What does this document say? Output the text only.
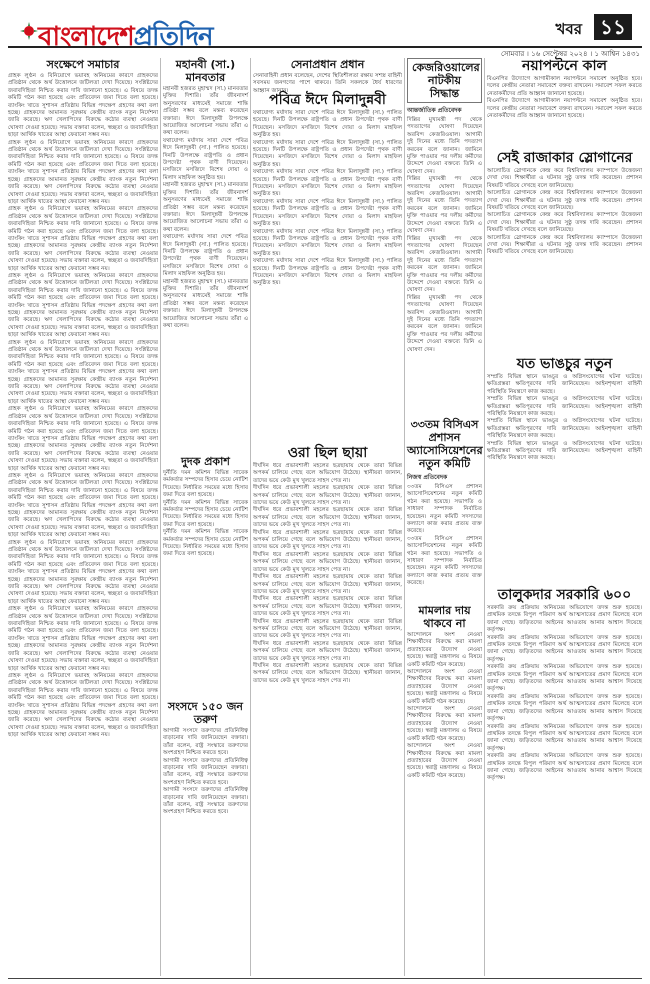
বাংলাদেশপ্রতিদিন	খবর ১১
সোমবার । ১৬ সেপ্টেম্বর ২০২৪ । ১ আশ্বিন ১৪৩১
সংক্ষেপে সমাচার

গ্রাহক লুণ্ঠন ও বিনিয়োগে ভয়াবহ অনিয়মের কারণে গ্রাহকদের প্রতিষ্ঠান থেকে অর্থ উত্তোলনে জটিলতা দেখা দিয়েছে। সংশ্লিষ্টদের জবাবদিহিতা নিশ্চিত করার দাবি জানানো হয়েছে। এ বিষয়ে তদন্ত কমিটি গঠন করা হয়েছে এবং প্রতিবেদন জমা দিতে বলা হয়েছে। ব্যাংকিং খাতে সুশাসন প্রতিষ্ঠায় বিভিন্ন পদক্ষেপ গ্রহণের কথা বলা হচ্ছে। গ্রাহকদের আমানত সুরক্ষায় কেন্দ্রীয় ব্যাংক নতুন নির্দেশনা জারি করেছে। ঋণ খেলাপিদের বিরুদ্ধে কঠোর ব্যবস্থা নেওয়ার ঘোষণা দেওয়া হয়েছে। সভায় বক্তারা বলেন, স্বচ্ছতা ও জবাবদিহিতা ছাড়া আর্থিক খাতের আস্থা ফেরানো সম্ভব নয়।

গ্রাহক লুণ্ঠন ও বিনিয়োগে ভয়াবহ অনিয়মের কারণে গ্রাহকদের প্রতিষ্ঠান থেকে অর্থ উত্তোলনে জটিলতা দেখা দিয়েছে। সংশ্লিষ্টদের জবাবদিহিতা নিশ্চিত করার দাবি জানানো হয়েছে। এ বিষয়ে তদন্ত কমিটি গঠন করা হয়েছে এবং প্রতিবেদন জমা দিতে বলা হয়েছে। ব্যাংকিং খাতে সুশাসন প্রতিষ্ঠায় বিভিন্ন পদক্ষেপ গ্রহণের কথা বলা হচ্ছে। গ্রাহকদের আমানত সুরক্ষায় কেন্দ্রীয় ব্যাংক নতুন নির্দেশনা জারি করেছে। ঋণ খেলাপিদের বিরুদ্ধে কঠোর ব্যবস্থা নেওয়ার ঘোষণা দেওয়া হয়েছে। সভায় বক্তারা বলেন, স্বচ্ছতা ও জবাবদিহিতা ছাড়া আর্থিক খাতের আস্থা ফেরানো সম্ভব নয়।

গ্রাহক লুণ্ঠন ও বিনিয়োগে ভয়াবহ অনিয়মের কারণে গ্রাহকদের প্রতিষ্ঠান থেকে অর্থ উত্তোলনে জটিলতা দেখা দিয়েছে। সংশ্লিষ্টদের জবাবদিহিতা নিশ্চিত করার দাবি জানানো হয়েছে। এ বিষয়ে তদন্ত কমিটি গঠন করা হয়েছে এবং প্রতিবেদন জমা দিতে বলা হয়েছে। ব্যাংকিং খাতে সুশাসন প্রতিষ্ঠায় বিভিন্ন পদক্ষেপ গ্রহণের কথা বলা হচ্ছে। গ্রাহকদের আমানত সুরক্ষায় কেন্দ্রীয় ব্যাংক নতুন নির্দেশনা জারি করেছে। ঋণ খেলাপিদের বিরুদ্ধে কঠোর ব্যবস্থা নেওয়ার ঘোষণা দেওয়া হয়েছে। সভায় বক্তারা বলেন, স্বচ্ছতা ও জবাবদিহিতা ছাড়া আর্থিক খাতের আস্থা ফেরানো সম্ভব নয়।

গ্রাহক লুণ্ঠন ও বিনিয়োগে ভয়াবহ অনিয়মের কারণে গ্রাহকদের প্রতিষ্ঠান থেকে অর্থ উত্তোলনে জটিলতা দেখা দিয়েছে। সংশ্লিষ্টদের জবাবদিহিতা নিশ্চিত করার দাবি জানানো হয়েছে। এ বিষয়ে তদন্ত কমিটি গঠন করা হয়েছে এবং প্রতিবেদন জমা দিতে বলা হয়েছে। ব্যাংকিং খাতে সুশাসন প্রতিষ্ঠায় বিভিন্ন পদক্ষেপ গ্রহণের কথা বলা হচ্ছে। গ্রাহকদের আমানত সুরক্ষায় কেন্দ্রীয় ব্যাংক নতুন নির্দেশনা জারি করেছে। ঋণ খেলাপিদের বিরুদ্ধে কঠোর ব্যবস্থা নেওয়ার ঘোষণা দেওয়া হয়েছে। সভায় বক্তারা বলেন, স্বচ্ছতা ও জবাবদিহিতা ছাড়া আর্থিক খাতের আস্থা ফেরানো সম্ভব নয়।

গ্রাহক লুণ্ঠন ও বিনিয়োগে ভয়াবহ অনিয়মের কারণে গ্রাহকদের প্রতিষ্ঠান থেকে অর্থ উত্তোলনে জটিলতা দেখা দিয়েছে। সংশ্লিষ্টদের জবাবদিহিতা নিশ্চিত করার দাবি জানানো হয়েছে। এ বিষয়ে তদন্ত কমিটি গঠন করা হয়েছে এবং প্রতিবেদন জমা দিতে বলা হয়েছে। ব্যাংকিং খাতে সুশাসন প্রতিষ্ঠায় বিভিন্ন পদক্ষেপ গ্রহণের কথা বলা হচ্ছে। গ্রাহকদের আমানত সুরক্ষায় কেন্দ্রীয় ব্যাংক নতুন নির্দেশনা জারি করেছে। ঋণ খেলাপিদের বিরুদ্ধে কঠোর ব্যবস্থা নেওয়ার ঘোষণা দেওয়া হয়েছে। সভায় বক্তারা বলেন, স্বচ্ছতা ও জবাবদিহিতা ছাড়া আর্থিক খাতের আস্থা ফেরানো সম্ভব নয়।

গ্রাহক লুণ্ঠন ও বিনিয়োগে ভয়াবহ অনিয়মের কারণে গ্রাহকদের প্রতিষ্ঠান থেকে অর্থ উত্তোলনে জটিলতা দেখা দিয়েছে। সংশ্লিষ্টদের জবাবদিহিতা নিশ্চিত করার দাবি জানানো হয়েছে। এ বিষয়ে তদন্ত কমিটি গঠন করা হয়েছে এবং প্রতিবেদন জমা দিতে বলা হয়েছে। ব্যাংকিং খাতে সুশাসন প্রতিষ্ঠায় বিভিন্ন পদক্ষেপ গ্রহণের কথা বলা হচ্ছে। গ্রাহকদের আমানত সুরক্ষায় কেন্দ্রীয় ব্যাংক নতুন নির্দেশনা জারি করেছে। ঋণ খেলাপিদের বিরুদ্ধে কঠোর ব্যবস্থা নেওয়ার ঘোষণা দেওয়া হয়েছে। সভায় বক্তারা বলেন, স্বচ্ছতা ও জবাবদিহিতা ছাড়া আর্থিক খাতের আস্থা ফেরানো সম্ভব নয়।

গ্রাহক লুণ্ঠন ও বিনিয়োগে ভয়াবহ অনিয়মের কারণে গ্রাহকদের প্রতিষ্ঠান থেকে অর্থ উত্তোলনে জটিলতা দেখা দিয়েছে। সংশ্লিষ্টদের জবাবদিহিতা নিশ্চিত করার দাবি জানানো হয়েছে। এ বিষয়ে তদন্ত কমিটি গঠন করা হয়েছে এবং প্রতিবেদন জমা দিতে বলা হয়েছে। ব্যাংকিং খাতে সুশাসন প্রতিষ্ঠায় বিভিন্ন পদক্ষেপ গ্রহণের কথা বলা হচ্ছে। গ্রাহকদের আমানত সুরক্ষায় কেন্দ্রীয় ব্যাংক নতুন নির্দেশনা জারি করেছে। ঋণ খেলাপিদের বিরুদ্ধে কঠোর ব্যবস্থা নেওয়ার ঘোষণা দেওয়া হয়েছে। সভায় বক্তারা বলেন, স্বচ্ছতা ও জবাবদিহিতা ছাড়া আর্থিক খাতের আস্থা ফেরানো সম্ভব নয়।

গ্রাহক লুণ্ঠন ও বিনিয়োগে ভয়াবহ অনিয়মের কারণে গ্রাহকদের প্রতিষ্ঠান থেকে অর্থ উত্তোলনে জটিলতা দেখা দিয়েছে। সংশ্লিষ্টদের জবাবদিহিতা নিশ্চিত করার দাবি জানানো হয়েছে। এ বিষয়ে তদন্ত কমিটি গঠন করা হয়েছে এবং প্রতিবেদন জমা দিতে বলা হয়েছে। ব্যাংকিং খাতে সুশাসন প্রতিষ্ঠায় বিভিন্ন পদক্ষেপ গ্রহণের কথা বলা হচ্ছে। গ্রাহকদের আমানত সুরক্ষায় কেন্দ্রীয় ব্যাংক নতুন নির্দেশনা জারি করেছে। ঋণ খেলাপিদের বিরুদ্ধে কঠোর ব্যবস্থা নেওয়ার ঘোষণা দেওয়া হয়েছে। সভায় বক্তারা বলেন, স্বচ্ছতা ও জবাবদিহিতা ছাড়া আর্থিক খাতের আস্থা ফেরানো সম্ভব নয়।

গ্রাহক লুণ্ঠন ও বিনিয়োগে ভয়াবহ অনিয়মের কারণে গ্রাহকদের প্রতিষ্ঠান থেকে অর্থ উত্তোলনে জটিলতা দেখা দিয়েছে। সংশ্লিষ্টদের জবাবদিহিতা নিশ্চিত করার দাবি জানানো হয়েছে। এ বিষয়ে তদন্ত কমিটি গঠন করা হয়েছে এবং প্রতিবেদন জমা দিতে বলা হয়েছে। ব্যাংকিং খাতে সুশাসন প্রতিষ্ঠায় বিভিন্ন পদক্ষেপ গ্রহণের কথা বলা হচ্ছে। গ্রাহকদের আমানত সুরক্ষায় কেন্দ্রীয় ব্যাংক নতুন নির্দেশনা জারি করেছে। ঋণ খেলাপিদের বিরুদ্ধে কঠোর ব্যবস্থা নেওয়ার ঘোষণা দেওয়া হয়েছে। সভায় বক্তারা বলেন, স্বচ্ছতা ও জবাবদিহিতা ছাড়া আর্থিক খাতের আস্থা ফেরানো সম্ভব নয়।

গ্রাহক লুণ্ঠন ও বিনিয়োগে ভয়াবহ অনিয়মের কারণে গ্রাহকদের প্রতিষ্ঠান থেকে অর্থ উত্তোলনে জটিলতা দেখা দিয়েছে। সংশ্লিষ্টদের জবাবদিহিতা নিশ্চিত করার দাবি জানানো হয়েছে। এ বিষয়ে তদন্ত কমিটি গঠন করা হয়েছে এবং প্রতিবেদন জমা দিতে বলা হয়েছে। ব্যাংকিং খাতে সুশাসন প্রতিষ্ঠায় বিভিন্ন পদক্ষেপ গ্রহণের কথা বলা হচ্ছে। গ্রাহকদের আমানত সুরক্ষায় কেন্দ্রীয় ব্যাংক নতুন নির্দেশনা জারি করেছে। ঋণ খেলাপিদের বিরুদ্ধে কঠোর ব্যবস্থা নেওয়ার ঘোষণা দেওয়া হয়েছে। সভায় বক্তারা বলেন, স্বচ্ছতা ও জবাবদিহিতা ছাড়া আর্থিক খাতের আস্থা ফেরানো সম্ভব নয়।

মহানবী (সা.) মানবতার

মহানবী হজরত মুহাম্মদ (সা.) মানবতার মুক্তির দিশারি। তাঁর জীবনাদর্শ অনুসরণের মাধ্যমেই সমাজে শান্তি প্রতিষ্ঠা সম্ভব বলে মন্তব্য করেছেন বক্তারা। ঈদে মিলাদুন্নবী উপলক্ষে আয়োজিত আলোচনা সভায় তাঁরা এ কথা বলেন।

যথাযোগ্য মর্যাদায় সারা দেশে পবিত্র ঈদে মিলাদুন্নবী (সা.) পালিত হয়েছে। দিনটি উপলক্ষে রাষ্ট্রপতি ও প্রধান উপদেষ্টা পৃথক বাণী দিয়েছেন। মসজিদে মসজিদে বিশেষ দোয়া ও মিলাদ মাহফিল অনুষ্ঠিত হয়।

মহানবী হজরত মুহাম্মদ (সা.) মানবতার মুক্তির দিশারি। তাঁর জীবনাদর্শ অনুসরণের মাধ্যমেই সমাজে শান্তি প্রতিষ্ঠা সম্ভব বলে মন্তব্য করেছেন বক্তারা। ঈদে মিলাদুন্নবী উপলক্ষে আয়োজিত আলোচনা সভায় তাঁরা এ কথা বলেন।

যথাযোগ্য মর্যাদায় সারা দেশে পবিত্র ঈদে মিলাদুন্নবী (সা.) পালিত হয়েছে। দিনটি উপলক্ষে রাষ্ট্রপতি ও প্রধান উপদেষ্টা পৃথক বাণী দিয়েছেন। মসজিদে মসজিদে বিশেষ দোয়া ও মিলাদ মাহফিল অনুষ্ঠিত হয়।

মহানবী হজরত মুহাম্মদ (সা.) মানবতার মুক্তির দিশারি। তাঁর জীবনাদর্শ অনুসরণের মাধ্যমেই সমাজে শান্তি প্রতিষ্ঠা সম্ভব বলে মন্তব্য করেছেন বক্তারা। ঈদে মিলাদুন্নবী উপলক্ষে আয়োজিত আলোচনা সভায় তাঁরা এ কথা বলেন।

দুদক প্রকাশ

দুর্নীতি দমন কমিশন বিভিন্ন সাবেক কর্মকর্তার সম্পদের হিসাব চেয়ে নোটিশ দিয়েছে। নির্ধারিত সময়ের মধ্যে হিসাব জমা দিতে বলা হয়েছে।

দুর্নীতি দমন কমিশন বিভিন্ন সাবেক কর্মকর্তার সম্পদের হিসাব চেয়ে নোটিশ দিয়েছে। নির্ধারিত সময়ের মধ্যে হিসাব জমা দিতে বলা হয়েছে।

দুর্নীতি দমন কমিশন বিভিন্ন সাবেক কর্মকর্তার সম্পদের হিসাব চেয়ে নোটিশ দিয়েছে। নির্ধারিত সময়ের মধ্যে হিসাব জমা দিতে বলা হয়েছে।

সংসদে ১৫০ জন তরুণ

আগামী সংসদে তরুণদের প্রতিনিধিত্ব বাড়ানোর দাবি জানিয়েছেন বক্তারা। তাঁরা বলেন, রাষ্ট্র সংস্কারে তরুণদের অংশগ্রহণ নিশ্চিত করতে হবে।

আগামী সংসদে তরুণদের প্রতিনিধিত্ব বাড়ানোর দাবি জানিয়েছেন বক্তারা। তাঁরা বলেন, রাষ্ট্র সংস্কারে তরুণদের অংশগ্রহণ নিশ্চিত করতে হবে।

আগামী সংসদে তরুণদের প্রতিনিধিত্ব বাড়ানোর দাবি জানিয়েছেন বক্তারা। তাঁরা বলেন, রাষ্ট্র সংস্কারে তরুণদের অংশগ্রহণ নিশ্চিত করতে হবে।

সেনাপ্রধান প্রধান

সেনাবাহিনী প্রধান বলেছেন, দেশের স্থিতিশীলতা রক্ষায় সশস্ত্র বাহিনী সবসময় জনগণের পাশে থাকবে। তিনি সকলকে ধৈর্য ধারণের আহ্বান জানান।

পবিত্র ঈদে মিলাদুন্নবী

যথাযোগ্য মর্যাদায় সারা দেশে পবিত্র ঈদে মিলাদুন্নবী (সা.) পালিত হয়েছে। দিনটি উপলক্ষে রাষ্ট্রপতি ও প্রধান উপদেষ্টা পৃথক বাণী দিয়েছেন। মসজিদে মসজিদে বিশেষ দোয়া ও মিলাদ মাহফিল অনুষ্ঠিত হয়।

যথাযোগ্য মর্যাদায় সারা দেশে পবিত্র ঈদে মিলাদুন্নবী (সা.) পালিত হয়েছে। দিনটি উপলক্ষে রাষ্ট্রপতি ও প্রধান উপদেষ্টা পৃথক বাণী দিয়েছেন। মসজিদে মসজিদে বিশেষ দোয়া ও মিলাদ মাহফিল অনুষ্ঠিত হয়।

যথাযোগ্য মর্যাদায় সারা দেশে পবিত্র ঈদে মিলাদুন্নবী (সা.) পালিত হয়েছে। দিনটি উপলক্ষে রাষ্ট্রপতি ও প্রধান উপদেষ্টা পৃথক বাণী দিয়েছেন। মসজিদে মসজিদে বিশেষ দোয়া ও মিলাদ মাহফিল অনুষ্ঠিত হয়।

যথাযোগ্য মর্যাদায় সারা দেশে পবিত্র ঈদে মিলাদুন্নবী (সা.) পালিত হয়েছে। দিনটি উপলক্ষে রাষ্ট্রপতি ও প্রধান উপদেষ্টা পৃথক বাণী দিয়েছেন। মসজিদে মসজিদে বিশেষ দোয়া ও মিলাদ মাহফিল অনুষ্ঠিত হয়।

যথাযোগ্য মর্যাদায় সারা দেশে পবিত্র ঈদে মিলাদুন্নবী (সা.) পালিত হয়েছে। দিনটি উপলক্ষে রাষ্ট্রপতি ও প্রধান উপদেষ্টা পৃথক বাণী দিয়েছেন। মসজিদে মসজিদে বিশেষ দোয়া ও মিলাদ মাহফিল অনুষ্ঠিত হয়।

যথাযোগ্য মর্যাদায় সারা দেশে পবিত্র ঈদে মিলাদুন্নবী (সা.) পালিত হয়েছে। দিনটি উপলক্ষে রাষ্ট্রপতি ও প্রধান উপদেষ্টা পৃথক বাণী দিয়েছেন। মসজিদে মসজিদে বিশেষ দোয়া ও মিলাদ মাহফিল অনুষ্ঠিত হয়।

ওরা ছিল ছায়া

দীর্ঘদিন ধরে প্রভাবশালী মহলের ছত্রছায়ায় থেকে তারা বিভিন্ন অপকর্ম চালিয়ে গেছে বলে অভিযোগ উঠেছে। স্থানীয়রা জানান, তাদের ভয়ে কেউ মুখ খুলতে সাহস পেত না।

দীর্ঘদিন ধরে প্রভাবশালী মহলের ছত্রছায়ায় থেকে তারা বিভিন্ন অপকর্ম চালিয়ে গেছে বলে অভিযোগ উঠেছে। স্থানীয়রা জানান, তাদের ভয়ে কেউ মুখ খুলতে সাহস পেত না।

দীর্ঘদিন ধরে প্রভাবশালী মহলের ছত্রছায়ায় থেকে তারা বিভিন্ন অপকর্ম চালিয়ে গেছে বলে অভিযোগ উঠেছে। স্থানীয়রা জানান, তাদের ভয়ে কেউ মুখ খুলতে সাহস পেত না।

দীর্ঘদিন ধরে প্রভাবশালী মহলের ছত্রছায়ায় থেকে তারা বিভিন্ন অপকর্ম চালিয়ে গেছে বলে অভিযোগ উঠেছে। স্থানীয়রা জানান, তাদের ভয়ে কেউ মুখ খুলতে সাহস পেত না।

দীর্ঘদিন ধরে প্রভাবশালী মহলের ছত্রছায়ায় থেকে তারা বিভিন্ন অপকর্ম চালিয়ে গেছে বলে অভিযোগ উঠেছে। স্থানীয়রা জানান, তাদের ভয়ে কেউ মুখ খুলতে সাহস পেত না।

দীর্ঘদিন ধরে প্রভাবশালী মহলের ছত্রছায়ায় থেকে তারা বিভিন্ন অপকর্ম চালিয়ে গেছে বলে অভিযোগ উঠেছে। স্থানীয়রা জানান, তাদের ভয়ে কেউ মুখ খুলতে সাহস পেত না।

দীর্ঘদিন ধরে প্রভাবশালী মহলের ছত্রছায়ায় থেকে তারা বিভিন্ন অপকর্ম চালিয়ে গেছে বলে অভিযোগ উঠেছে। স্থানীয়রা জানান, তাদের ভয়ে কেউ মুখ খুলতে সাহস পেত না।

দীর্ঘদিন ধরে প্রভাবশালী মহলের ছত্রছায়ায় থেকে তারা বিভিন্ন অপকর্ম চালিয়ে গেছে বলে অভিযোগ উঠেছে। স্থানীয়রা জানান, তাদের ভয়ে কেউ মুখ খুলতে সাহস পেত না।

দীর্ঘদিন ধরে প্রভাবশালী মহলের ছত্রছায়ায় থেকে তারা বিভিন্ন অপকর্ম চালিয়ে গেছে বলে অভিযোগ উঠেছে। স্থানীয়রা জানান, তাদের ভয়ে কেউ মুখ খুলতে সাহস পেত না।

দীর্ঘদিন ধরে প্রভাবশালী মহলের ছত্রছায়ায় থেকে তারা বিভিন্ন অপকর্ম চালিয়ে গেছে বলে অভিযোগ উঠেছে। স্থানীয়রা জানান, তাদের ভয়ে কেউ মুখ খুলতে সাহস পেত না।

কেজরিওয়ালের নাটকীয় সিদ্ধান্ত

আন্তর্জাতিক প্রতিবেদক

দিল্লির মুখ্যমন্ত্রী পদ থেকে পদত্যাগের ঘোষণা দিয়েছেন অরবিন্দ কেজরিওয়াল। আগামী দুই দিনের মধ্যে তিনি পদত্যাগ করবেন বলে জানান। জামিনে মুক্তি পাওয়ার পর দলীয় কর্মীদের উদ্দেশে দেওয়া বক্তব্যে তিনি এ ঘোষণা দেন।

দিল্লির মুখ্যমন্ত্রী পদ থেকে পদত্যাগের ঘোষণা দিয়েছেন অরবিন্দ কেজরিওয়াল। আগামী দুই দিনের মধ্যে তিনি পদত্যাগ করবেন বলে জানান। জামিনে মুক্তি পাওয়ার পর দলীয় কর্মীদের উদ্দেশে দেওয়া বক্তব্যে তিনি এ ঘোষণা দেন।

দিল্লির মুখ্যমন্ত্রী পদ থেকে পদত্যাগের ঘোষণা দিয়েছেন অরবিন্দ কেজরিওয়াল। আগামী দুই দিনের মধ্যে তিনি পদত্যাগ করবেন বলে জানান। জামিনে মুক্তি পাওয়ার পর দলীয় কর্মীদের উদ্দেশে দেওয়া বক্তব্যে তিনি এ ঘোষণা দেন।

দিল্লির মুখ্যমন্ত্রী পদ থেকে পদত্যাগের ঘোষণা দিয়েছেন অরবিন্দ কেজরিওয়াল। আগামী দুই দিনের মধ্যে তিনি পদত্যাগ করবেন বলে জানান। জামিনে মুক্তি পাওয়ার পর দলীয় কর্মীদের উদ্দেশে দেওয়া বক্তব্যে তিনি এ ঘোষণা দেন।

৩৩তম বিসিএস প্রশাসন অ্যাসোসিয়েশনের নতুন কমিটি

নিজস্ব প্রতিবেদক

৩৩তম বিসিএস প্রশাসন অ্যাসোসিয়েশনের নতুন কমিটি গঠন করা হয়েছে। সভাপতি ও সাধারণ সম্পাদক নির্বাচিত হয়েছেন। নতুন কমিটি সদস্যদের কল্যাণে কাজ করার প্রত্যয় ব্যক্ত করেছে।

৩৩তম বিসিএস প্রশাসন অ্যাসোসিয়েশনের নতুন কমিটি গঠন করা হয়েছে। সভাপতি ও সাধারণ সম্পাদক নির্বাচিত হয়েছেন। নতুন কমিটি সদস্যদের কল্যাণে কাজ করার প্রত্যয় ব্যক্ত করেছে।

মামলার দায় থাকবে না

আন্দোলনে অংশ নেওয়া শিক্ষার্থীদের বিরুদ্ধে করা মামলা প্রত্যাহারের উদ্যোগ নেওয়া হয়েছে। স্বরাষ্ট্র মন্ত্রণালয় এ বিষয়ে একটি কমিটি গঠন করেছে।

আন্দোলনে অংশ নেওয়া শিক্ষার্থীদের বিরুদ্ধে করা মামলা প্রত্যাহারের উদ্যোগ নেওয়া হয়েছে। স্বরাষ্ট্র মন্ত্রণালয় এ বিষয়ে একটি কমিটি গঠন করেছে।

আন্দোলনে অংশ নেওয়া শিক্ষার্থীদের বিরুদ্ধে করা মামলা প্রত্যাহারের উদ্যোগ নেওয়া হয়েছে। স্বরাষ্ট্র মন্ত্রণালয় এ বিষয়ে একটি কমিটি গঠন করেছে।

আন্দোলনে অংশ নেওয়া শিক্ষার্থীদের বিরুদ্ধে করা মামলা প্রত্যাহারের উদ্যোগ নেওয়া হয়েছে। স্বরাষ্ট্র মন্ত্রণালয় এ বিষয়ে একটি কমিটি গঠন করেছে।

নয়াপল্টনে কাল

বিএনপির উদ্যোগে আগামীকাল নয়াপল্টনে সমাবেশ অনুষ্ঠিত হবে। দলের কেন্দ্রীয় নেতারা সমাবেশে বক্তব্য রাখবেন। সমাবেশ সফল করতে নেতাকর্মীদের প্রতি আহ্বান জানানো হয়েছে।

বিএনপির উদ্যোগে আগামীকাল নয়াপল্টনে সমাবেশ অনুষ্ঠিত হবে। দলের কেন্দ্রীয় নেতারা সমাবেশে বক্তব্য রাখবেন। সমাবেশ সফল করতে নেতাকর্মীদের প্রতি আহ্বান জানানো হয়েছে।

সেই রাজাকার স্লোগানের

আলোচিত স্লোগানকে কেন্দ্র করে বিশ্ববিদ্যালয় ক্যাম্পাসে উত্তেজনা দেখা দেয়। শিক্ষার্থীরা এ ঘটনার সুষ্ঠু তদন্ত দাবি করেছেন। প্রশাসন বিষয়টি খতিয়ে দেখছে বলে জানিয়েছে।

আলোচিত স্লোগানকে কেন্দ্র করে বিশ্ববিদ্যালয় ক্যাম্পাসে উত্তেজনা দেখা দেয়। শিক্ষার্থীরা এ ঘটনার সুষ্ঠু তদন্ত দাবি করেছেন। প্রশাসন বিষয়টি খতিয়ে দেখছে বলে জানিয়েছে।

আলোচিত স্লোগানকে কেন্দ্র করে বিশ্ববিদ্যালয় ক্যাম্পাসে উত্তেজনা দেখা দেয়। শিক্ষার্থীরা এ ঘটনার সুষ্ঠু তদন্ত দাবি করেছেন। প্রশাসন বিষয়টি খতিয়ে দেখছে বলে জানিয়েছে।

আলোচিত স্লোগানকে কেন্দ্র করে বিশ্ববিদ্যালয় ক্যাম্পাসে উত্তেজনা দেখা দেয়। শিক্ষার্থীরা এ ঘটনার সুষ্ঠু তদন্ত দাবি করেছেন। প্রশাসন বিষয়টি খতিয়ে দেখছে বলে জানিয়েছে।

যত ভাঙচুর নতুন

সম্প্রতি বিভিন্ন স্থানে ভাঙচুর ও অগ্নিসংযোগের ঘটনা ঘটেছে। ক্ষতিগ্রস্তরা ক্ষতিপূরণের দাবি জানিয়েছেন। আইনশৃঙ্খলা বাহিনী পরিস্থিতি নিয়ন্ত্রণে কাজ করছে।

সম্প্রতি বিভিন্ন স্থানে ভাঙচুর ও অগ্নিসংযোগের ঘটনা ঘটেছে। ক্ষতিগ্রস্তরা ক্ষতিপূরণের দাবি জানিয়েছেন। আইনশৃঙ্খলা বাহিনী পরিস্থিতি নিয়ন্ত্রণে কাজ করছে।

সম্প্রতি বিভিন্ন স্থানে ভাঙচুর ও অগ্নিসংযোগের ঘটনা ঘটেছে। ক্ষতিগ্রস্তরা ক্ষতিপূরণের দাবি জানিয়েছেন। আইনশৃঙ্খলা বাহিনী পরিস্থিতি নিয়ন্ত্রণে কাজ করছে।

সম্প্রতি বিভিন্ন স্থানে ভাঙচুর ও অগ্নিসংযোগের ঘটনা ঘটেছে। ক্ষতিগ্রস্তরা ক্ষতিপূরণের দাবি জানিয়েছেন। আইনশৃঙ্খলা বাহিনী পরিস্থিতি নিয়ন্ত্রণে কাজ করছে।

তালুকদার সরকারি ৬০০

সরকারি ক্রয় প্রক্রিয়ায় অনিয়মের অভিযোগে তদন্ত শুরু হয়েছে। প্রাথমিক তদন্তে বিপুল পরিমাণ অর্থ আত্মসাতের প্রমাণ মিলেছে বলে জানা গেছে। জড়িতদের আইনের আওতায় আনার আশ্বাস দিয়েছে কর্তৃপক্ষ।

সরকারি ক্রয় প্রক্রিয়ায় অনিয়মের অভিযোগে তদন্ত শুরু হয়েছে। প্রাথমিক তদন্তে বিপুল পরিমাণ অর্থ আত্মসাতের প্রমাণ মিলেছে বলে জানা গেছে। জড়িতদের আইনের আওতায় আনার আশ্বাস দিয়েছে কর্তৃপক্ষ।

সরকারি ক্রয় প্রক্রিয়ায় অনিয়মের অভিযোগে তদন্ত শুরু হয়েছে। প্রাথমিক তদন্তে বিপুল পরিমাণ অর্থ আত্মসাতের প্রমাণ মিলেছে বলে জানা গেছে। জড়িতদের আইনের আওতায় আনার আশ্বাস দিয়েছে কর্তৃপক্ষ।

সরকারি ক্রয় প্রক্রিয়ায় অনিয়মের অভিযোগে তদন্ত শুরু হয়েছে। প্রাথমিক তদন্তে বিপুল পরিমাণ অর্থ আত্মসাতের প্রমাণ মিলেছে বলে জানা গেছে। জড়িতদের আইনের আওতায় আনার আশ্বাস দিয়েছে কর্তৃপক্ষ।

সরকারি ক্রয় প্রক্রিয়ায় অনিয়মের অভিযোগে তদন্ত শুরু হয়েছে। প্রাথমিক তদন্তে বিপুল পরিমাণ অর্থ আত্মসাতের প্রমাণ মিলেছে বলে জানা গেছে। জড়িতদের আইনের আওতায় আনার আশ্বাস দিয়েছে কর্তৃপক্ষ।

সরকারি ক্রয় প্রক্রিয়ায় অনিয়মের অভিযোগে তদন্ত শুরু হয়েছে। প্রাথমিক তদন্তে বিপুল পরিমাণ অর্থ আত্মসাতের প্রমাণ মিলেছে বলে জানা গেছে। জড়িতদের আইনের আওতায় আনার আশ্বাস দিয়েছে কর্তৃপক্ষ।
